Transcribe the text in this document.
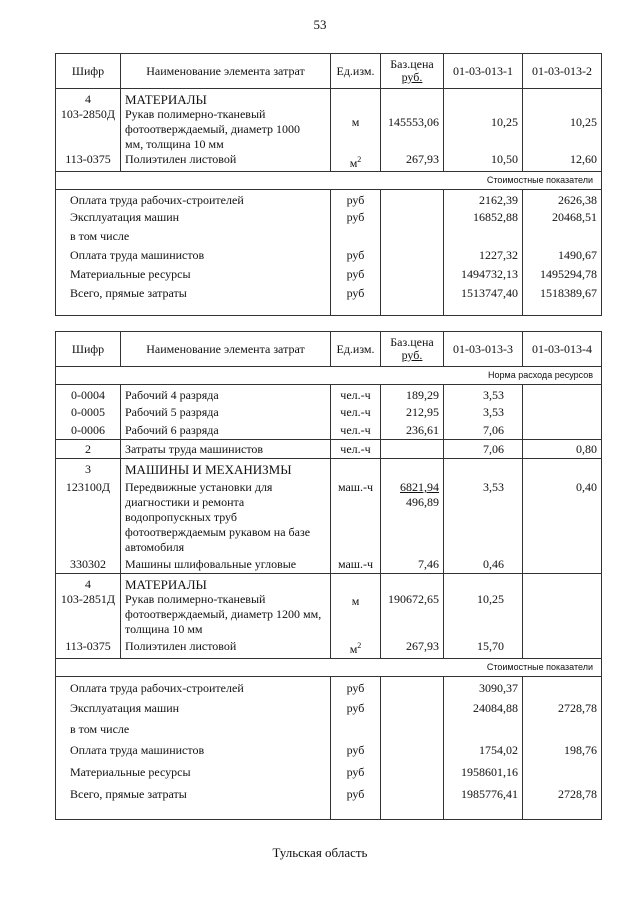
53
Шифр	Наименование элемента затрат	Ед.изм.	Баз.цена
руб.	01-03-013-1	01-03-013-2
4	МАТЕРИАЛЫ				
103-2850Д	Рукав полимерно-тканевый
фотоотверждаемый, диаметр 1000
мм, толщина 10 мм	м	145553,06	10,25	10,25
113-0375	Полиэтилен листовой	$м^2$	267,93	10,50	12,60
Стоимостные показатели					
Оплата труда рабочих-строителей		руб		2162,39	2626,38
Эксплуатация машин		руб		16852,88	20468,51
в том числе					
Оплата труда машинистов		руб		1227,32	1490,67
Материальные ресурсы		руб		1494732,13	1495294,78
Всего, прямые затраты		руб		1513747,40	1518389,67
Шифр	Наименование элемента затрат	Ед.изм.	Баз.цена
руб.	01-03-013-3	01-03-013-4
Норма расхода ресурсов					
0-0004	Рабочий 4 разряда	чел.-ч	189,29	3,53	
0-0005	Рабочий 5 разряда	чел.-ч	212,95	3,53	
0-0006	Рабочий 6 разряда	чел.-ч	236,61	7,06	
2	Затраты труда машинистов	чел.-ч		7,06	0,80
3	МАШИНЫ И МЕХАНИЗМЫ				
123100Д	Передвижные установки для
диагностики и ремонта
водопропускных труб
фотоотверждаемым рукавом на базе
автомобиля	маш.-ч	6821,94
496,89	3,53	0,40
330302	Машины шлифовальные угловые	маш.-ч	7,46	0,46	
4	МАТЕРИАЛЫ				
103-2851Д	Рукав полимерно-тканевый
фотоотверждаемый, диаметр 1200 мм,
толщина 10 мм	м	190672,65	10,25	
113-0375	Полиэтилен листовой	$м^2$	267,93	15,70	
Стоимостные показатели					
Оплата труда рабочих-строителей		руб		3090,37	
Эксплуатация машин		руб		24084,88	2728,78
в том числе					
Оплата труда машинистов		руб		1754,02	198,76
Материальные ресурсы		руб		1958601,16	
Всего, прямые затраты		руб		1985776,41	2728,78
Тульская область
